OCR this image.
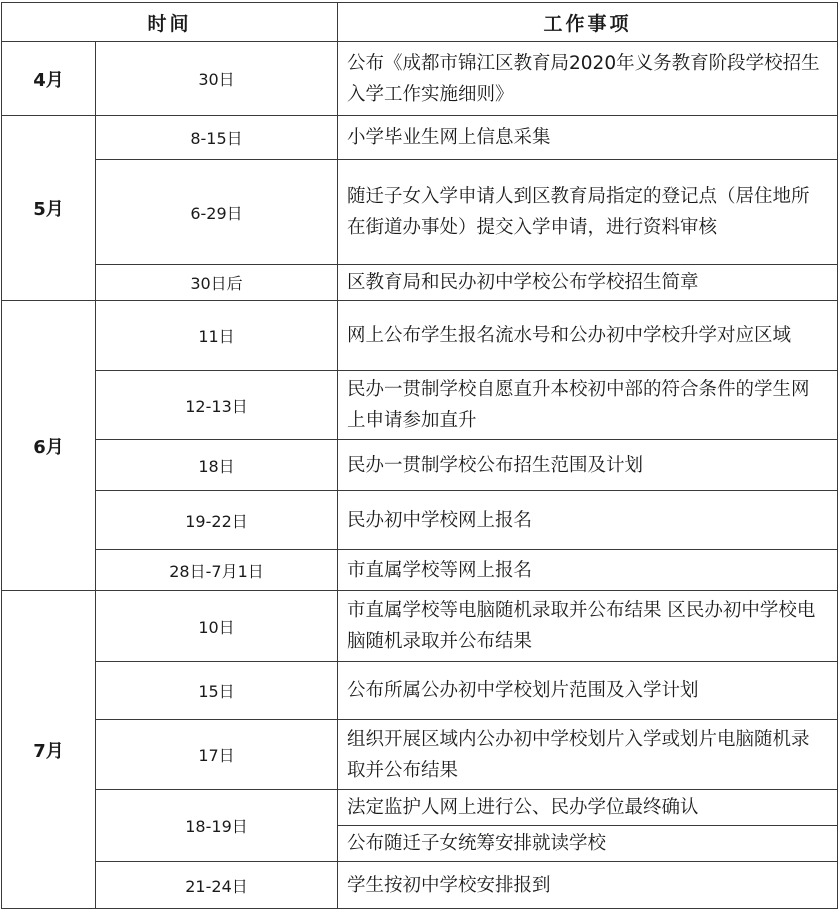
时间		工作事项
4月	30日	公布《成都市锦江区教育局2020年义务教育阶段学校招生入学工作实施细则》
5月	8-15日	小学毕业生网上信息采集
	6-29日	随迁子女入学申请人到区教育局指定的登记点（居住地所在街道办事处）提交入学申请，进行资料审核
	30日后	区教育局和民办初中学校公布学校招生简章
6月	11日	网上公布学生报名流水号和公办初中学校升学对应区域
	12-13日	民办一贯制学校自愿直升本校初中部的符合条件的学生网上申请参加直升
	18日	民办一贯制学校公布招生范围及计划
	19-22日	民办初中学校网上报名
	28日-7月1日	市直属学校等网上报名
7月	10日	市直属学校等电脑随机录取并公布结果 区民办初中学校电脑随机录取并公布结果
	15日	公布所属公办初中学校划片范围及入学计划
	17日	组织开展区域内公办初中学校划片入学或划片电脑随机录取并公布结果
	18-19日	法定监护人网上进行公、民办学位最终确认
		公布随迁子女统筹安排就读学校
	21-24日	学生按初中学校安排报到
